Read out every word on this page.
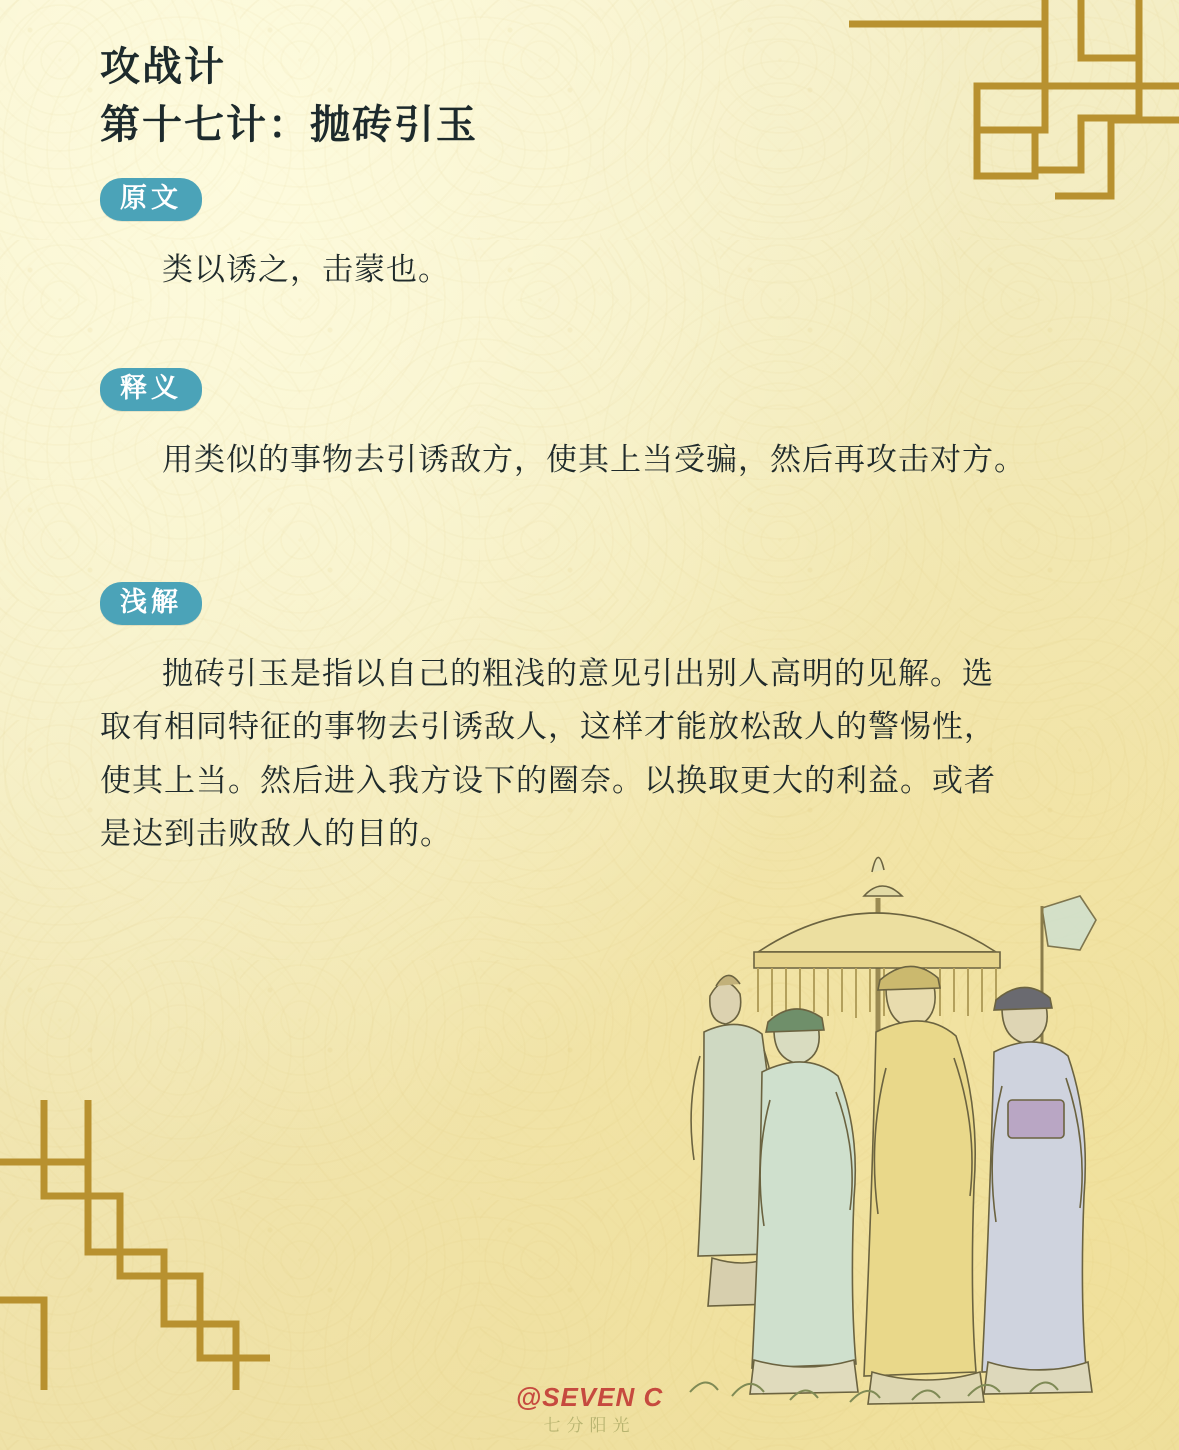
攻战计
第十七计：抛砖引玉
原文

类以诱之，击蒙也。

释义

用类似的事物去引诱敌方，使其上当受骗，然后再攻击对方。

浅解

抛砖引玉是指以自己的粗浅的意见引出别人高明的见解。选取有相同特征的事物去引诱敌人，这样才能放松敌人的警惕性，使其上当。然后进入我方设下的圈奈。以换取更大的利益。或者是达到击败敌人的目的。

@SEVEN C
七分阳光
